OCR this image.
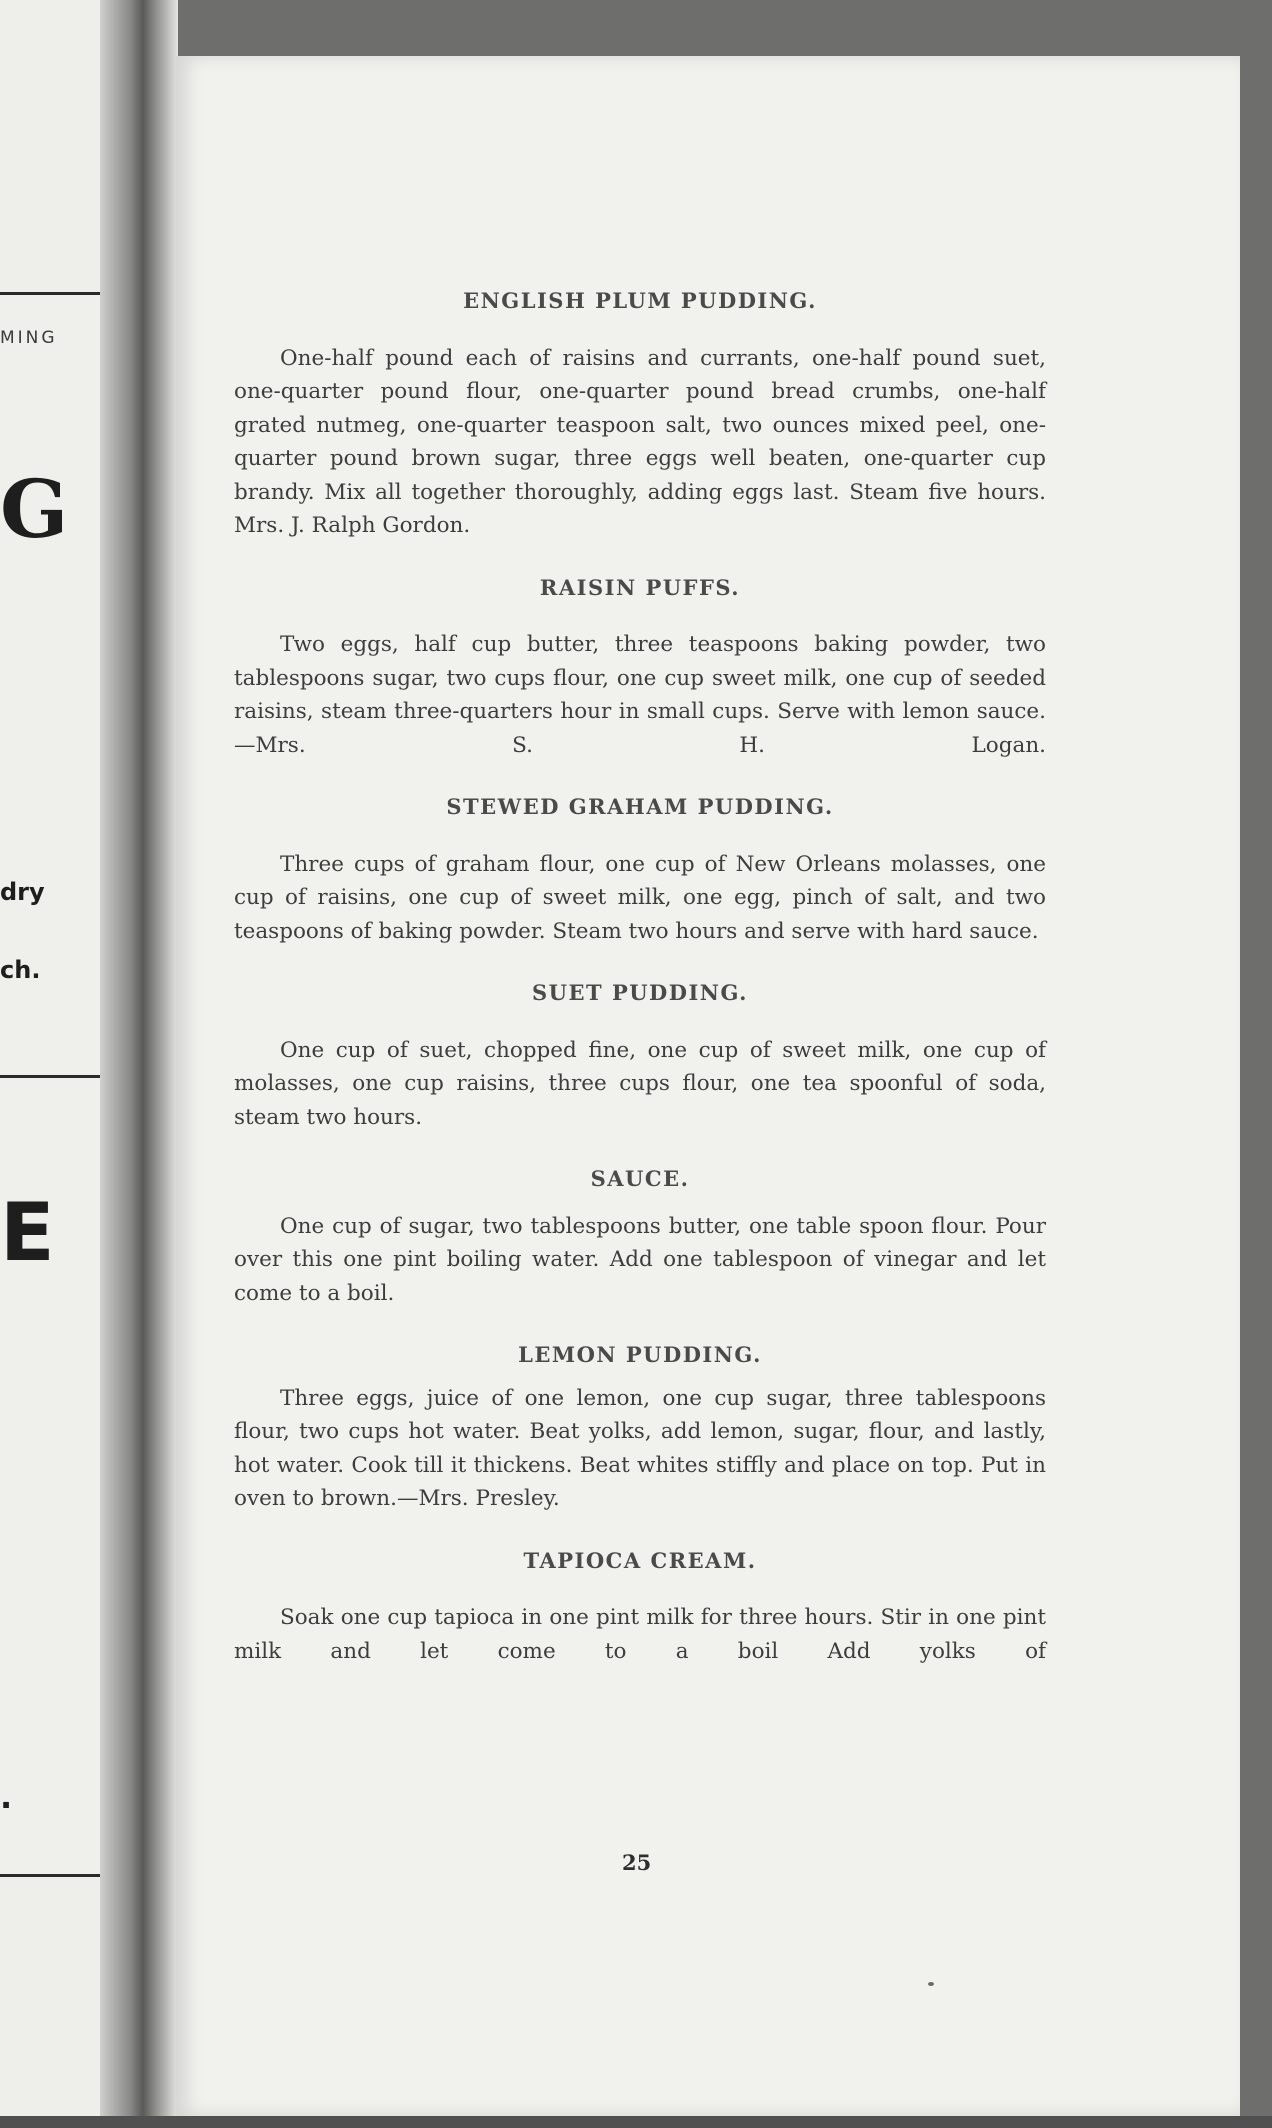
MING
G
dry
ch.
E
.
ENGLISH PLUM PUDDING.

One-half pound each of raisins and currants, one-half pound suet, one-quarter pound flour, one-quarter pound bread crumbs, one-half grated nutmeg, one-quarter teaspoon salt, two ounces mixed peel, one-quarter pound brown sugar, three eggs well beaten, one-quarter cup brandy. Mix all together thoroughly, adding eggs last. Steam five hours. Mrs. J. Ralph Gordon.

RAISIN PUFFS.

Two eggs, half cup butter, three teaspoons baking powder, two tablespoons sugar, two cups flour, one cup sweet milk, one cup of seeded raisins, steam three-quarters hour in small cups. Serve with lemon sauce.—Mrs. S. H. Logan.

STEWED GRAHAM PUDDING.

Three cups of graham flour, one cup of New Orleans molasses, one cup of raisins, one cup of sweet milk, one egg, pinch of salt, and two teaspoons of baking powder. Steam two hours and serve with hard sauce.

SUET PUDDING.

One cup of suet, chopped fine, one cup of sweet milk, one cup of molasses, one cup raisins, three cups flour, one tea spoonful of soda, steam two hours.

SAUCE.

One cup of sugar, two tablespoons butter, one table spoon flour. Pour over this one pint boiling water. Add one tablespoon of vinegar and let come to a boil.

LEMON PUDDING.

Three eggs, juice of one lemon, one cup sugar, three tablespoons flour, two cups hot water. Beat yolks, add lemon, sugar, flour, and lastly, hot water. Cook till it thickens. Beat whites stiffly and place on top. Put in oven to brown.—Mrs. Presley.

TAPIOCA CREAM.

Soak one cup tapioca in one pint milk for three hours. Stir in one pint milk and let come to a boil Add yolks of

25
